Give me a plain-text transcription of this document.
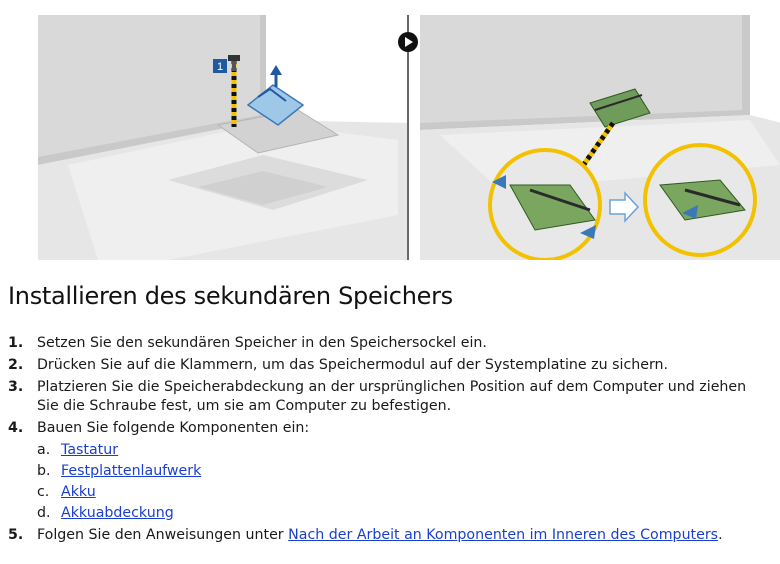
1
Installieren des sekundären Speichers
1. Setzen Sie den sekundären Speicher in den Speichersockel ein.
2. Drücken Sie auf die Klammern, um das Speichermodul auf der Systemplatine zu sichern.
3. Platzieren Sie die Speicherabdeckung an der ursprünglichen Position auf dem Computer und ziehen
Sie die Schraube fest, um sie am Computer zu befestigen.
4. Bauen Sie folgende Komponenten ein:
a. Tastatur
b. Festplattenlaufwerk
c. Akku
d. Akkuabdeckung
5. Folgen Sie den Anweisungen unter Nach der Arbeit an Komponenten im Inneren des Computers.
